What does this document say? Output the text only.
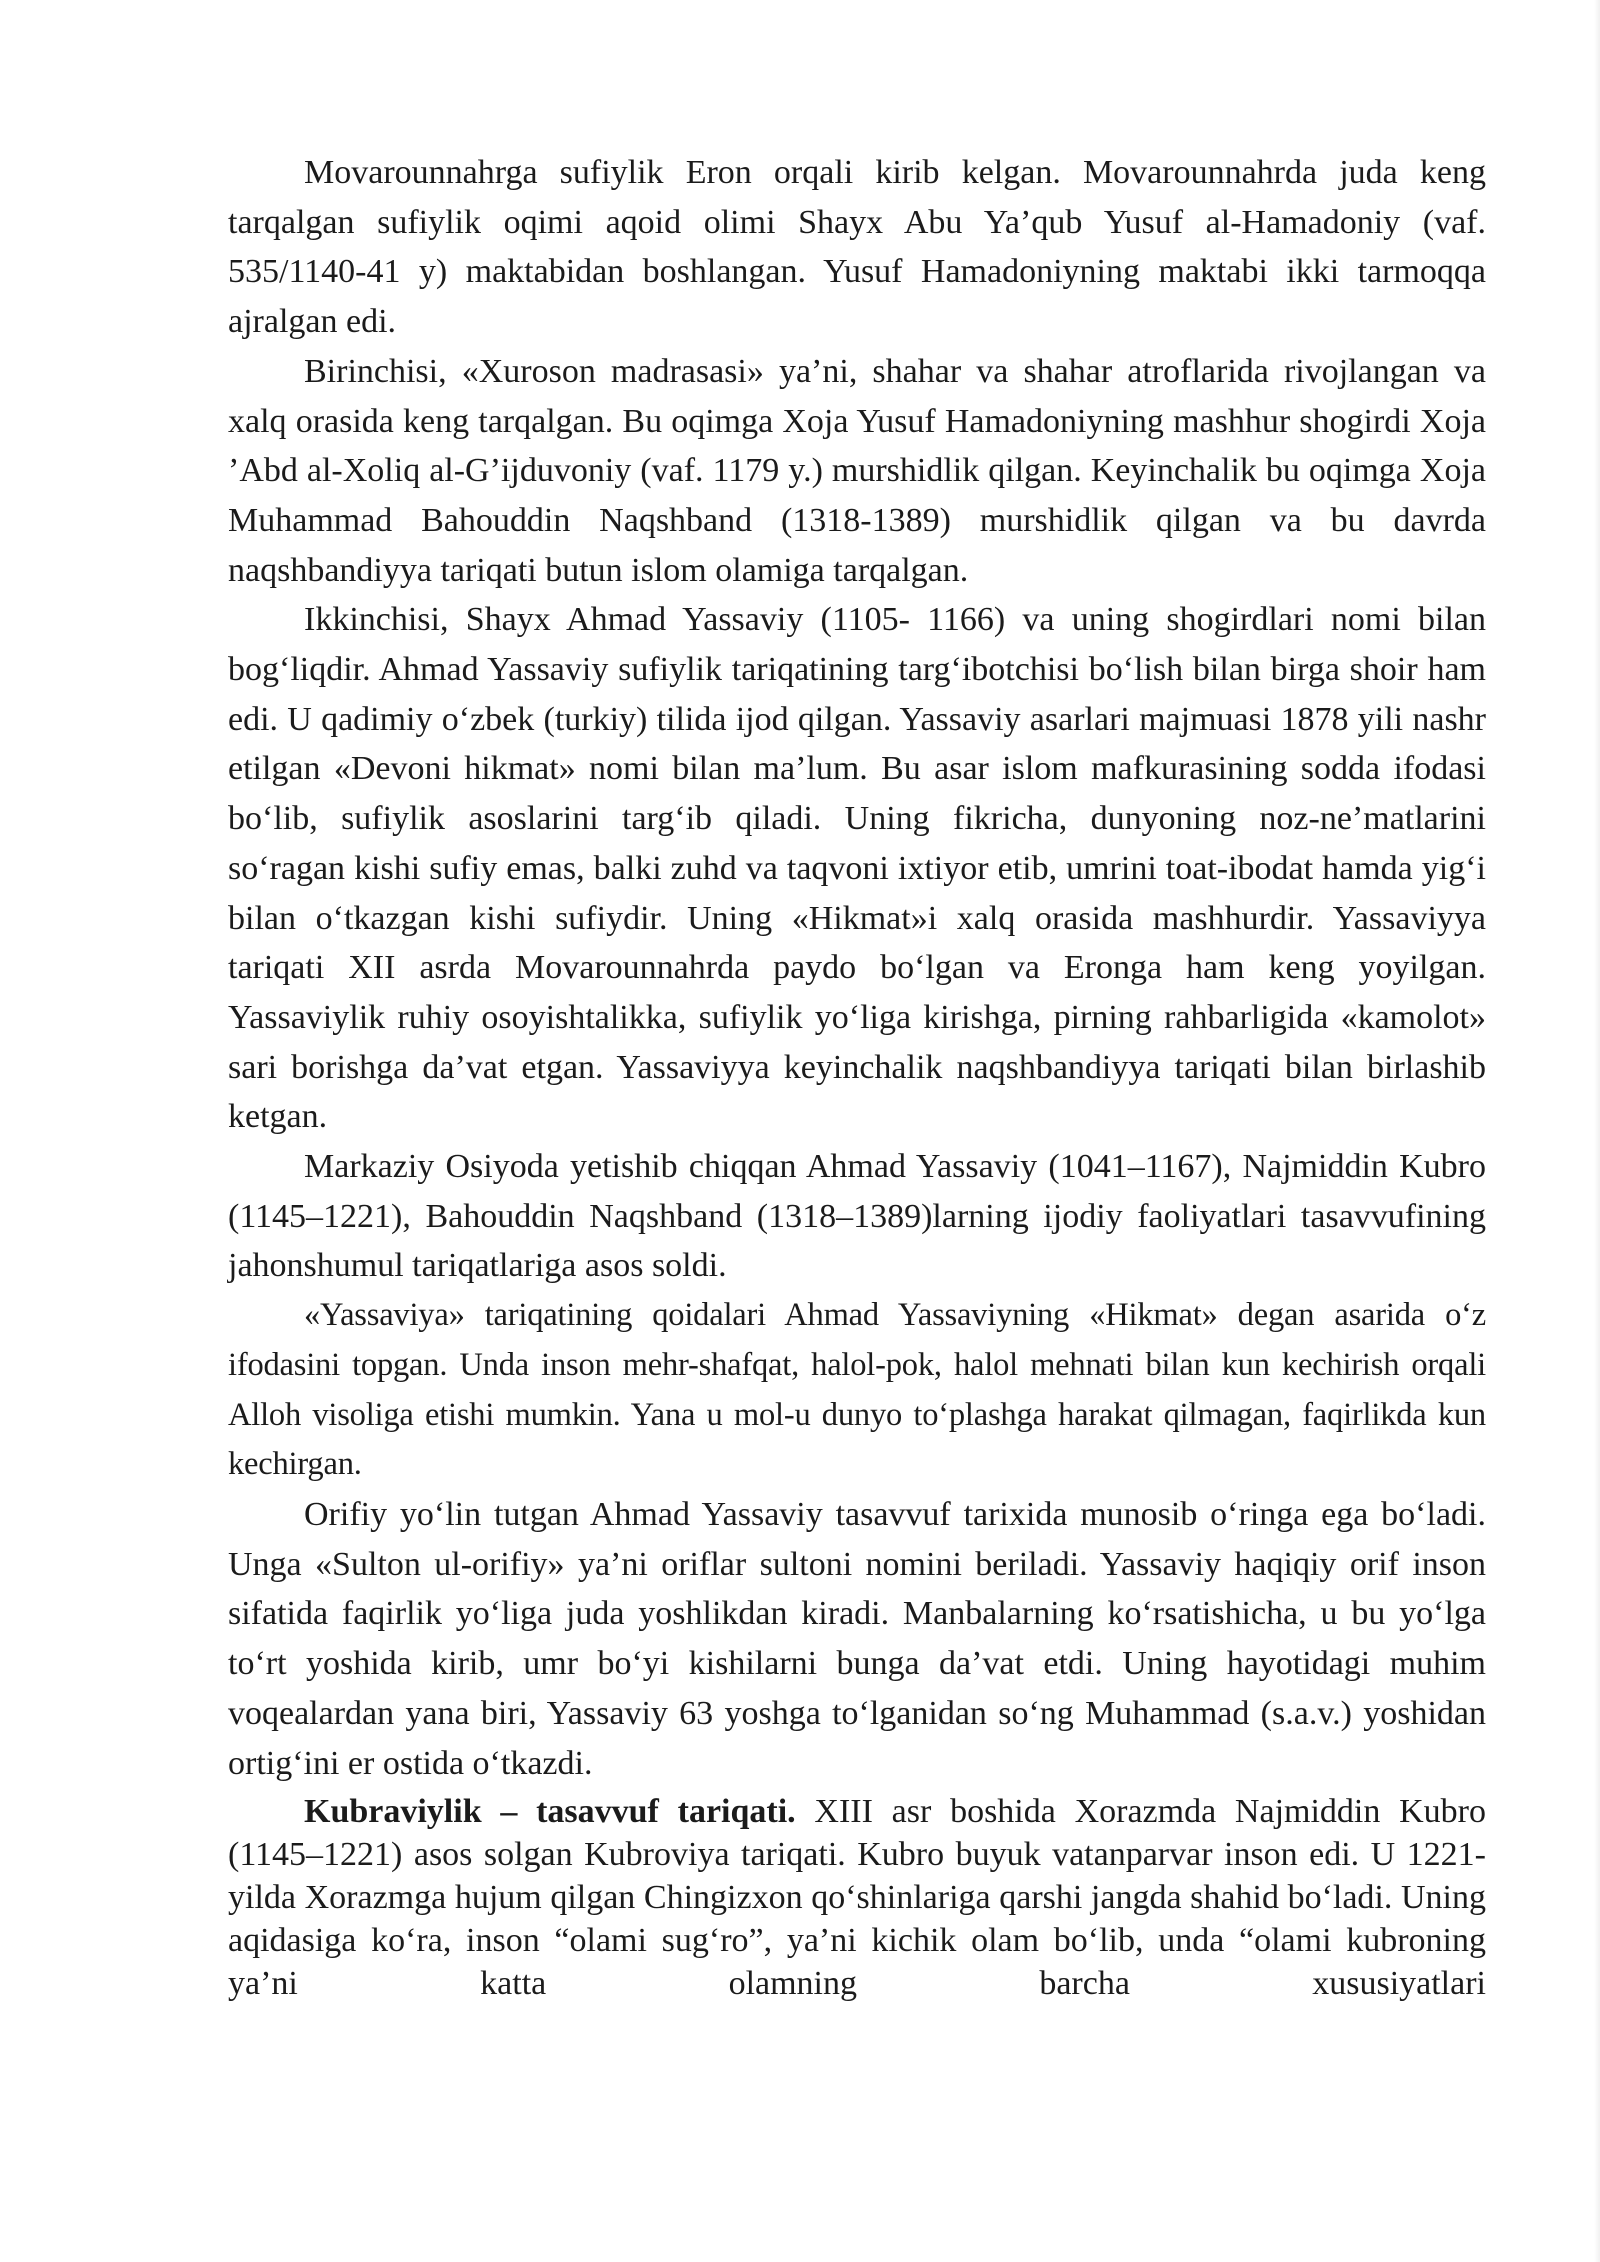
Movarounnahrga sufiylik Eron orqali kirib kelgan. Movarounnahrda juda keng tarqalgan sufiylik oqimi aqoid olimi Shayx Abu Ya’qub Yusuf al-Hamadoniy (vaf. 535/1140-41 y) maktabidan boshlangan. Yusuf Hamadoniyning maktabi ikki tarmoqqa ajralgan edi.

Birinchisi, «Xuroson madrasasi» ya’ni, shahar va shahar atroflarida rivojlangan va xalq orasida keng tarqalgan. Bu oqimga Xoja Yusuf Hamadoniyning mashhur shogirdi Xoja ’Abd al-Xoliq al-G’ijduvoniy (vaf. 1179 y.) murshidlik qilgan. Keyinchalik bu oqimga Xoja Muhammad Bahouddin Naqshband (1318-1389) murshidlik qilgan va bu davrda naqshbandiyya tariqati butun islom olamiga tarqalgan.

Ikkinchisi, Shayx Ahmad Yassaviy (1105- 1166) va uning shogirdlari nomi bilan bog‘liqdir. Ahmad Yassaviy sufiylik tariqatining targ‘ibotchisi bo‘lish bilan birga shoir ham edi. U qadimiy o‘zbek (turkiy) tilida ijod qilgan. Yassaviy asarlari majmuasi 1878 yili nashr etilgan «Devoni hikmat» nomi bilan ma’lum. Bu asar islom mafkurasining sodda ifodasi bo‘lib, sufiylik asoslarini targ‘ib qiladi. Uning fikricha, dunyoning noz-ne’matlarini so‘ragan kishi sufiy emas, balki zuhd va taqvoni ixtiyor etib, umrini toat-ibodat hamda yig‘i bilan o‘tkazgan kishi sufiydir. Uning «Hikmat»i xalq orasida mashhurdir. Yassaviyya tariqati XII asrda Movarounnahrda paydo bo‘lgan va Eronga ham keng yoyilgan. Yassaviylik ruhiy osoyishtalikka, sufiylik yo‘liga kirishga, pirning rahbarligida «kamolot» sari borishga da’vat etgan. Yassaviyya keyinchalik naqshbandiyya tariqati bilan birlashib ketgan.

Markaziy Osiyoda yetishib chiqqan Ahmad Yassaviy (1041–1167), Najmiddin Kubro (1145–1221), Bahouddin Naqshband (1318–1389)larning ijodiy faoliyatlari tasavvufining jahonshumul tariqatlariga asos soldi.

«Yassaviya» tariqatining qoidalari Ahmad Yassaviyning «Hikmat» degan asarida o‘z ifodasini topgan. Unda inson mehr-shafqat, halol-pok, halol mehnati bilan kun kechirish orqali Alloh visoliga etishi mumkin. Yana u mol-u dunyo to‘plashga harakat qilmagan, faqirlikda kun kechirgan.

Orifiy yo‘lin tutgan Ahmad Yassaviy tasavvuf tarixida munosib o‘ringa ega bo‘ladi. Unga «Sulton ul-orifiy» ya’ni oriflar sultoni nomini beriladi. Yassaviy haqiqiy orif inson sifatida faqirlik yo‘liga juda yoshlikdan kiradi. Manbalarning ko‘rsatishicha, u bu yo‘lga to‘rt yoshida kirib, umr bo‘yi kishilarni bunga da’vat etdi. Uning hayotidagi muhim voqealardan yana biri, Yassaviy 63 yoshga to‘lganidan so‘ng Muhammad (s.a.v.) yoshidan ortig‘ini er ostida o‘tkazdi.

Kubraviylik – tasavvuf tariqati. XIII asr boshida Xorazmda Najmiddin Kubro (1145–1221) asos solgan Kubroviya tariqati. Kubro buyuk vatanparvar inson edi. U 1221-yilda Xorazmga hujum qilgan Chingizxon qo‘shinlariga qarshi jangda shahid bo‘ladi. Uning aqidasiga ko‘ra, inson “olami sug‘ro”, ya’ni kichik olam bo‘lib, unda “olami kubroning ya’ni katta olamning barcha xususiyatlari
